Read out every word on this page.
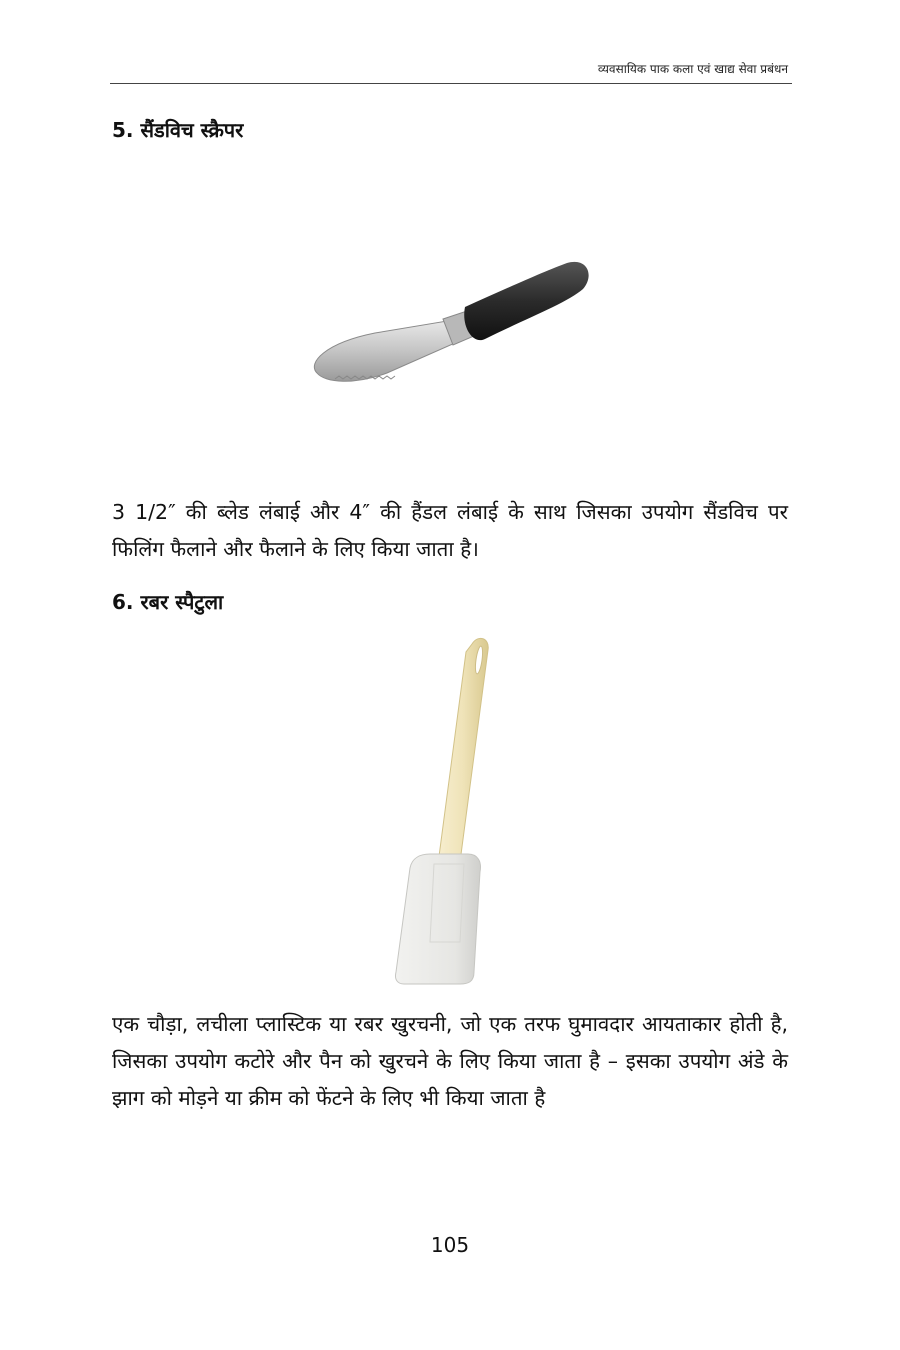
व्यवसायिक पाक कला एवं खाद्य सेवा प्रबंधन
5. सैंडविच स्क्रैपर

3 1/2″ की ब्लेड लंबाई और 4″ की हैंडल लंबाई के साथ जिसका उपयोग सैंडविच पर फिलिंग फैलाने और फैलाने के लिए किया जाता है।

6. रबर स्पैटुला

एक चौड़ा, लचीला प्लास्टिक या रबर खुरचनी, जो एक तरफ घुमावदार आयताकार होती है, जिसका उपयोग कटोरे और पैन को खुरचने के लिए किया जाता है – इसका उपयोग अंडे के झाग को मोड़ने या क्रीम को फेंटने के लिए भी किया जाता है

105
